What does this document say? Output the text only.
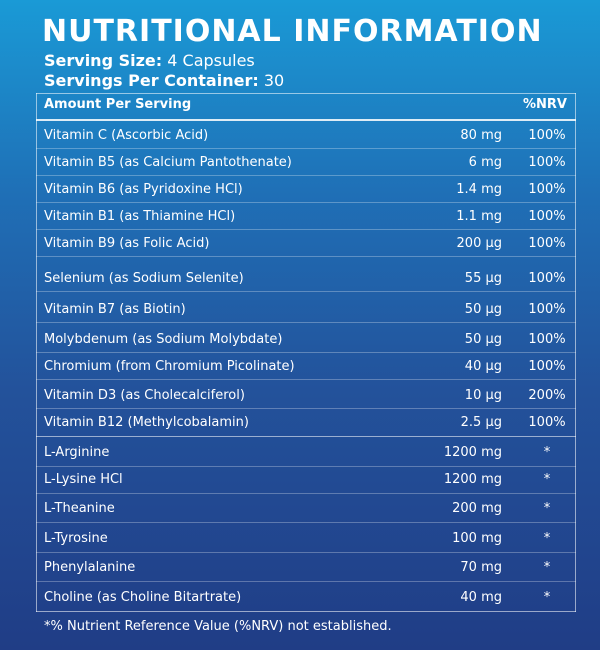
NUTRITIONAL INFORMATION
Serving Size: 4 Capsules
Servings Per Container: 30
Amount Per Serving	%NRV
Vitamin C (Ascorbic Acid)	80 mg	100%
Vitamin B5 (as Calcium Pantothenate)	6 mg	100%
Vitamin B6 (as Pyridoxine HCl)	1.4 mg	100%
Vitamin B1 (as Thiamine HCl)	1.1 mg	100%
Vitamin B9 (as Folic Acid)	200 µg	100%
Selenium (as Sodium Selenite)	55 µg	100%
Vitamin B7 (as Biotin)	50 µg	100%
Molybdenum (as Sodium Molybdate)	50 µg	100%
Chromium (from Chromium Picolinate)	40 µg	100%
Vitamin D3 (as Cholecalciferol)	10 µg	200%
Vitamin B12 (Methylcobalamin)	2.5 µg	100%
L-Arginine	1200 mg	*
L-Lysine HCl	1200 mg	*
L-Theanine	200 mg	*
L-Tyrosine	100 mg	*
Phenylalanine	70 mg	*
Choline (as Choline Bitartrate)	40 mg	*
*% Nutrient Reference Value (%NRV) not established.
